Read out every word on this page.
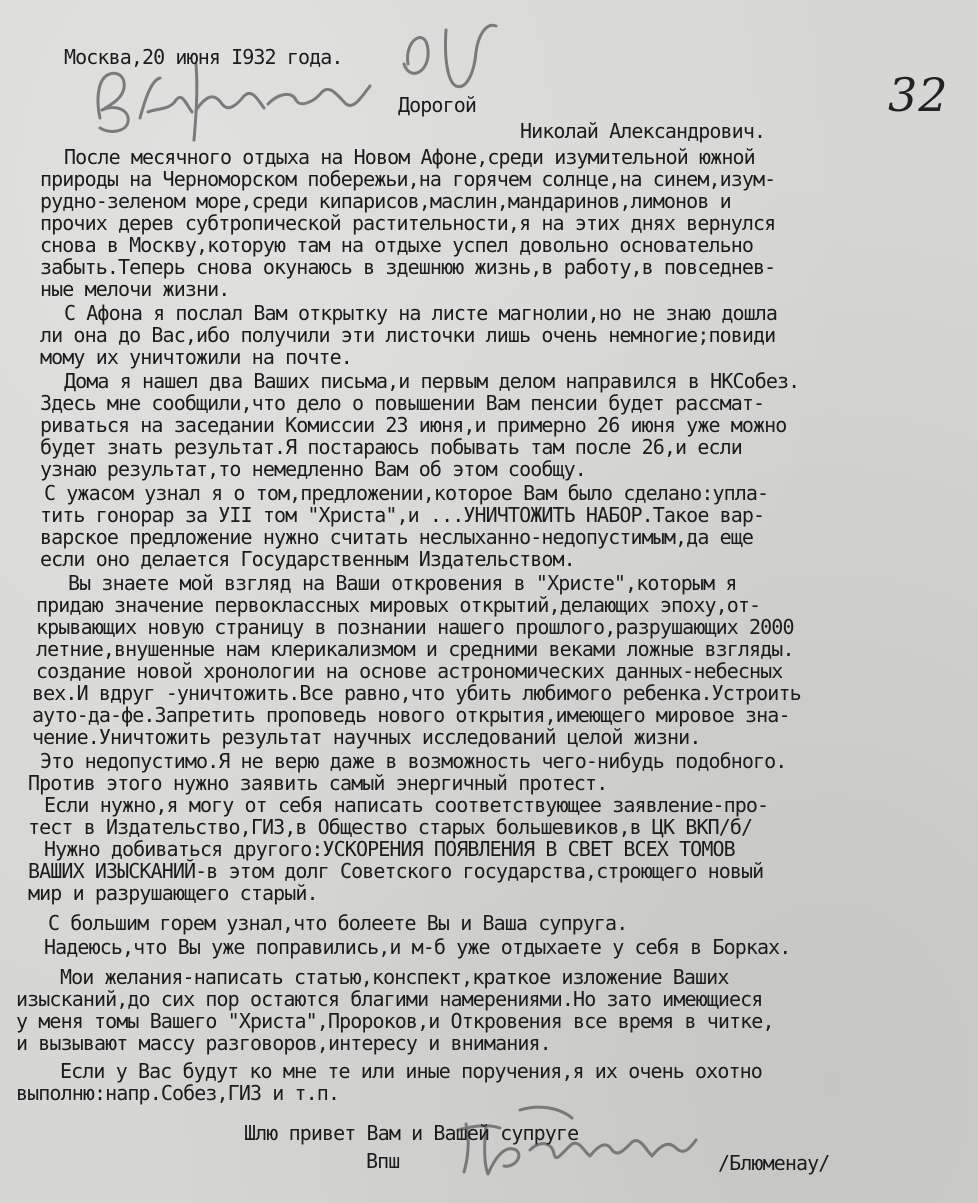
Москва,20 июня I932 года.
32
Дорогой
Николай Александрович.
После месячного отдыха на Новом Афоне,среди изумительной южной
природы на Черноморском побережьи,на горячем солнце,на синем,изум-
рудно-зеленом море,среди кипарисов,маслин,мандаринов,лимонов и
прочих дерев субтропической растительности,я на этих днях вернулся
снова в Москву,которую там на отдыхе успел довольно основательно
забыть.Теперь снова окунаюсь в здешнюю жизнь,в работу,в повседнев-
ные мелочи жизни.
С Афона я послал Вам открытку на листе магнолии,но не знаю дошла
ли она до Вас,ибо получили эти листочки лишь очень немногие;повиди
мому их уничтожили на почте.
Дома я нашел два Ваших письма,и первым делом направился в НКСобез.
Здесь мне сообщили,что дело о повышении Вам пенсии будет рассмат-
риваться на заседании Комиссии 23 июня,и примерно 26 июня уже можно
будет знать результат.Я постараюсь побывать там после 26,и если
узнаю результат,то немедленно Вам об этом сообщу.
С ужасом узнал я о том,предложении,которое Вам было сделано:упла-
тить гонорар за УII том "Христа",и ...УНИЧТОЖИТЬ НАБОР.Такое вар-
варское предложение нужно считать неслыханно-недопустимым,да еще
если оно делается Государственным Издательством.
Вы знаете мой взгляд на Ваши откровения в "Христе",которым я
придаю значение первоклассных мировых открытий,делающих эпоху,от-
крывающих новую страницу в познании нашего прошлого,разрушающих 2000
летние,внушенные нам клерикализмом и средними веками ложные взгляды.
создание новой хронологии на основе астрономических данных-небесных
вех.И вдруг -уничтожить.Все равно,что убить любимого ребенка.Устроить
ауто-да-фе.Запретить проповедь нового открытия,имеющего мировое зна-
чение.Уничтожить результат научных исследований целой жизни.
Это недопустимо.Я не верю даже в возможность чего-нибудь подобного.
Против этого нужно заявить самый энергичный протест.
Если нужно,я могу от себя написать соответствующее заявление-про-
тест в Издательство,ГИЗ,в Общество старых большевиков,в ЦК ВКП/б/
Нужно добиваться другого:УСКОРЕНИЯ ПОЯВЛЕНИЯ В СВЕТ ВСЕХ ТОМОВ
ВАШИХ ИЗЫСКАНИЙ-в этом долг Советского государства,строющего новый
мир и разрушающего старый.
С большим горем узнал,что болеете Вы и Ваша супруга.
Надеюсь,что Вы уже поправились,и м-б уже отдыхаете у себя в Борках.
Мои желания-написать статью,конспект,краткое изложение Ваших
изысканий,до сих пор остаются благими намерениями.Но зато имеющиеся
у меня томы Вашего "Христа",Пророков,и Откровения все время в читке,
и вызывают массу разговоров,интересу и внимания.
Если у Вас будут ко мне те или иные поручения,я их очень охотно
выполню:напр.Собез,ГИЗ и т.п.
Шлю привет Вам и Вашей супруге
Впш	/Блюменау/
